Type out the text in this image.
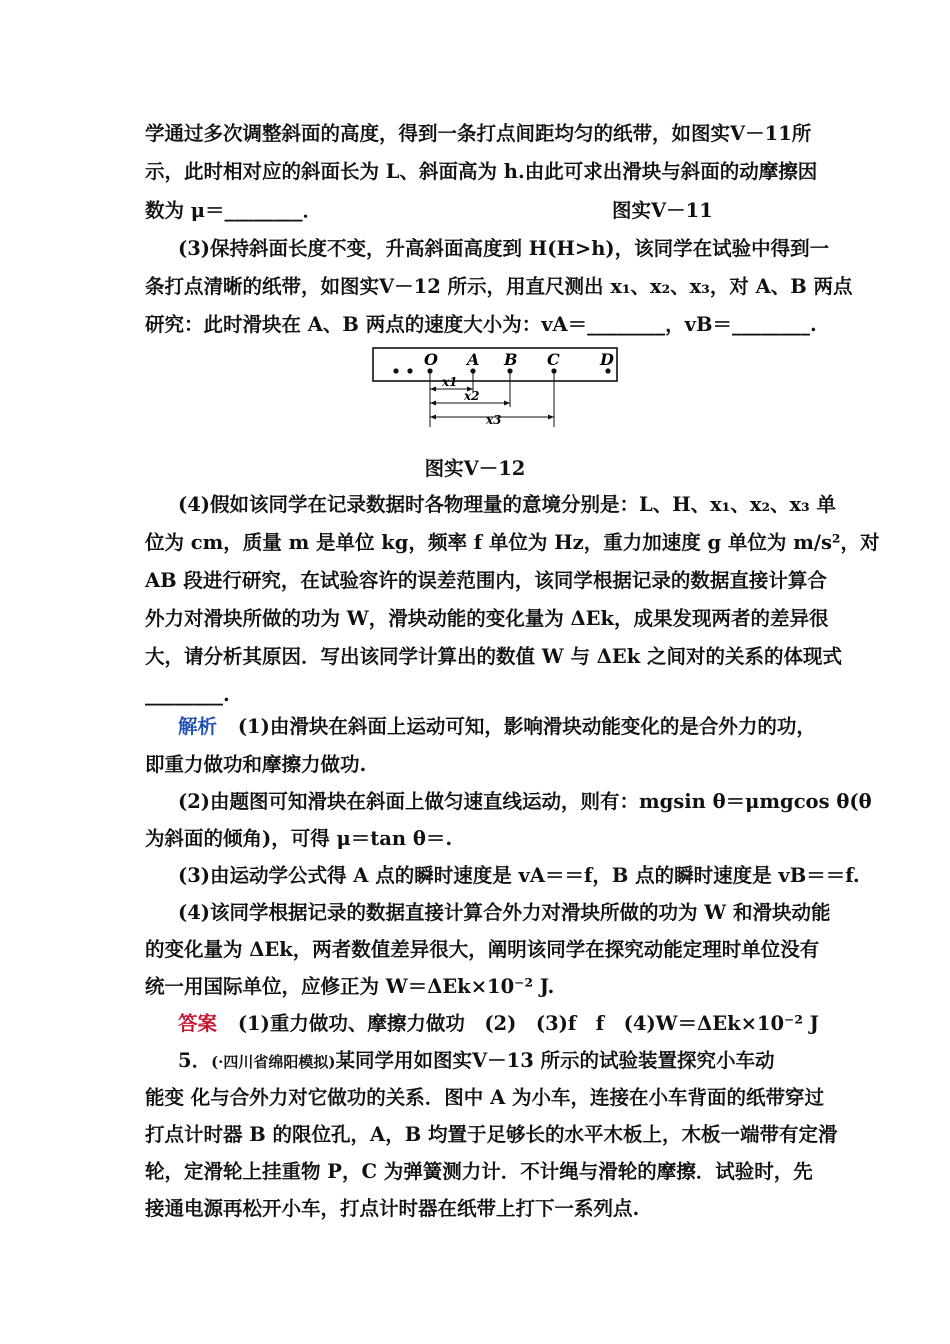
学通过多次调整斜面的高度，得到一条打点间距均匀的纸带，如图实Ⅴ－11所
示，此时相对应的斜面长为 L、斜面高为 h.由此可求出滑块与斜面的动摩擦因
数为 μ＝________．	图实Ⅴ－11
(3)保持斜面长度不变，升高斜面高度到 H(H>h)，该同学在试验中得到一
条打点清晰的纸带，如图实Ⅴ－12 所示，用直尺测出 x₁、x₂、x₃，对 A、B 两点
研究：此时滑块在 A、B 两点的速度大小为：vA＝________，vB＝________.
O A B C	D
x1
x2
x3
图实Ⅴ－12
(4)假如该同学在记录数据时各物理量的意境分别是：L、H、x₁、x₂、x₃ 单
位为 cm，质量 m 是单位 kg，频率 f 单位为 Hz，重力加速度 g 单位为 m/s²，对
AB 段进行研究，在试验容许的误差范围内，该同学根据记录的数据直接计算合
外力对滑块所做的功为 W，滑块动能的变化量为 ΔEk，成果发现两者的差异很
大，请分析其原因．写出该同学计算出的数值 W 与 ΔEk 之间对的关系的体现式
________.
解析 (1)由滑块在斜面上运动可知，影响滑块动能变化的是合外力的功，
即重力做功和摩擦力做功.
(2)由题图可知滑块在斜面上做匀速直线运动，则有：mgsin θ＝μmgcos θ(θ
为斜面的倾角)，可得 μ＝tan θ＝.
(3)由运动学公式得 A 点的瞬时速度是 vA＝＝f，B 点的瞬时速度是 vB＝＝f.
(4)该同学根据记录的数据直接计算合外力对滑块所做的功为 W 和滑块动能
的变化量为 ΔEk，两者数值差异很大，阐明该同学在探究动能定理时单位没有
统一用国际单位，应修正为 W＝ΔEk×10⁻² J.
答案 (1)重力做功、摩擦力做功　(2)　(3)f　f　(4)W＝ΔEk×10⁻² J
5．(·四川省绵阳模拟)某同学用如图实Ⅴ－13 所示的试验装置探究小车动
能变 化与合外力对它做功的关系．图中 A 为小车，连接在小车背面的纸带穿过
打点计时器 B 的限位孔，A，B 均置于足够长的水平木板上，木板一端带有定滑
轮，定滑轮上挂重物 P，C 为弹簧测力计．不计绳与滑轮的摩擦．试验时，先
接通电源再松开小车，打点计时器在纸带上打下一系列点.
